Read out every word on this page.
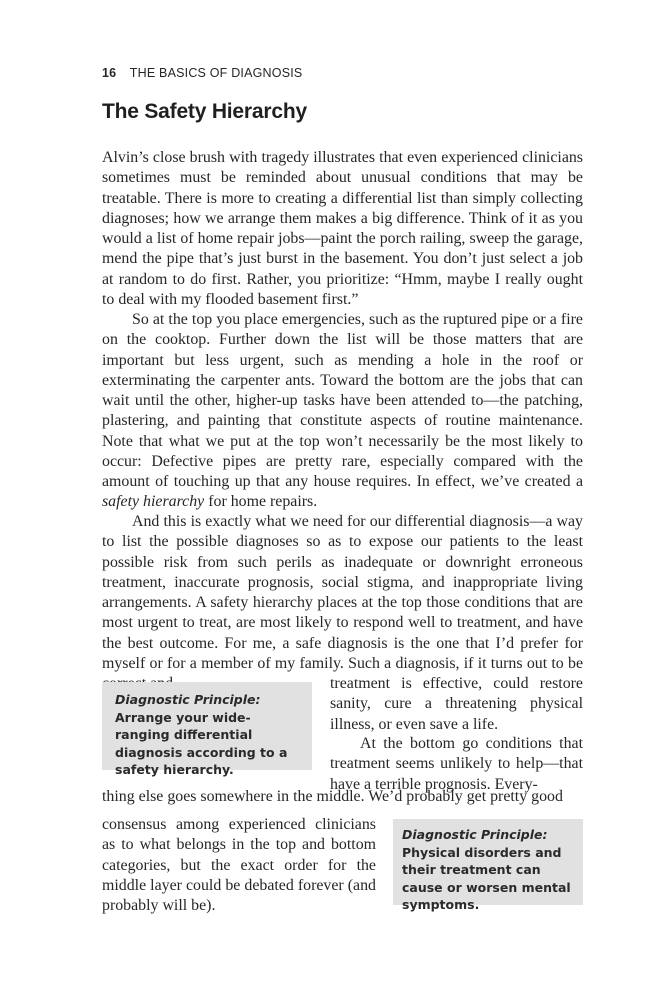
16 THE BASICS OF DIAGNOSIS
The Safety Hierarchy

Alvin’s close brush with tragedy illustrates that even experienced clinicians sometimes must be reminded about unusual conditions that may be treatable. There is more to creating a differential list than simply collecting diagnoses; how we arrange them makes a big difference. Think of it as you would a list of home repair jobs—paint the porch railing, sweep the garage, mend the pipe that’s just burst in the basement. You don’t just select a job at random to do first. Rather, you prioritize: “Hmm, maybe I really ought to deal with my flooded basement first.”

So at the top you place emergencies, such as the ruptured pipe or a fire on the cooktop. Further down the list will be those matters that are important but less urgent, such as mending a hole in the roof or exterminating the carpenter ants. Toward the bottom are the jobs that can wait until the other, higher-up tasks have been attended to—the patching, plastering, and painting that constitute aspects of routine maintenance. Note that what we put at the top won’t necessarily be the most likely to occur: Defective pipes are pretty rare, especially compared with the amount of touching up that any house requires. In effect, we’ve created a safety hierarchy for home repairs.

And this is exactly what we need for our differential diagnosis—a way to list the possible diagnoses so as to expose our patients to the least possible risk from such perils as inadequate or downright erroneous treatment, inaccurate prognosis, social stigma, and inappropriate living arrangements. A safety hierarchy places at the top those conditions that are most urgent to treat, are most likely to respond well to treatment, and have the best outcome. For me, a safe diagnosis is the one that I’d prefer for myself or for a member of my family. Such a diagnosis, if it turns out to be

treatment is effective, could restore sanity, cure a threatening physical illness, or even save a life.

Diagnostic Principle: Arrange your wide-ranging differential diagnosis according to a safety hierarchy.

At the bottom go conditions that treatment seems unlikely to help—that have a terrible prognosis. Every-

thing else goes somewhere in the middle. We’d probably get pretty good

consensus among experienced clinicians as to what belongs in the top and bottom categories, but the exact order for the middle layer could be debated forever (and probably will be).

Diagnostic Principle:
Physical disorders and their treatment can cause or worsen mental symptoms.
